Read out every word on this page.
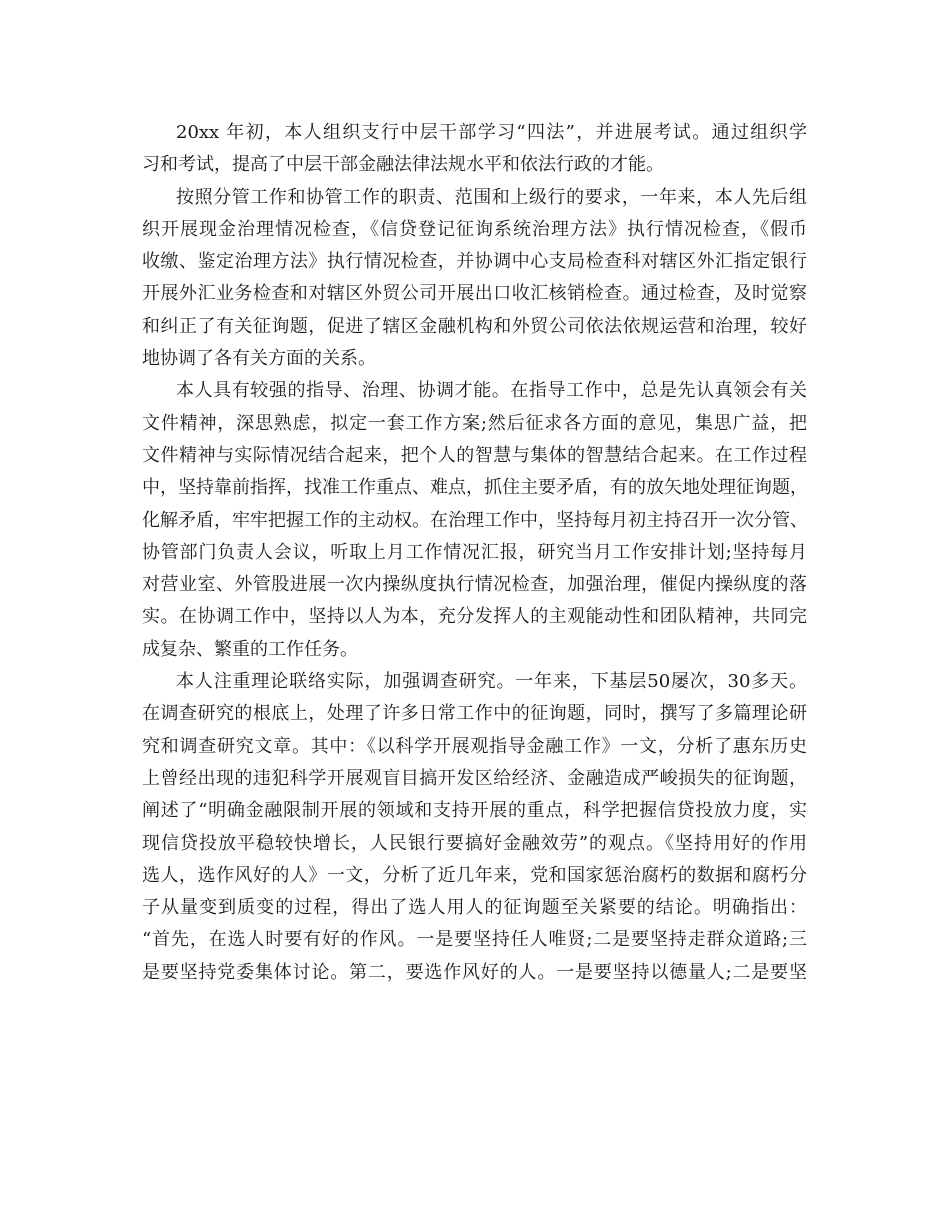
20xx 年初，本人组织支行中层干部学习“四法”，并进展考试。通过组织学
习和考试，提高了中层干部金融法律法规水平和依法行政的才能。
按照分管工作和协管工作的职责、范围和上级行的要求，一年来，本人先后组
织开展现金治理情况检查，《信贷登记征询系统治理方法》执行情况检查，《假币
收缴、鉴定治理方法》执行情况检查，并协调中心支局检查科对辖区外汇指定银行
开展外汇业务检查和对辖区外贸公司开展出口收汇核销检查。通过检查，及时觉察
和纠正了有关征询题，促进了辖区金融机构和外贸公司依法依规运营和治理，较好
地协调了各有关方面的关系。
本人具有较强的指导、治理、协调才能。在指导工作中，总是先认真领会有关
文件精神，深思熟虑，拟定一套工作方案;然后征求各方面的意见，集思广益，把
文件精神与实际情况结合起来，把个人的智慧与集体的智慧结合起来。在工作过程
中，坚持靠前指挥，找准工作重点、难点，抓住主要矛盾，有的放矢地处理征询题，
化解矛盾，牢牢把握工作的主动权。在治理工作中，坚持每月初主持召开一次分管、
协管部门负责人会议，听取上月工作情况汇报，研究当月工作安排计划;坚持每月
对营业室、外管股进展一次内操纵度执行情况检查，加强治理，催促内操纵度的落
实。在协调工作中，坚持以人为本，充分发挥人的主观能动性和团队精神，共同完
成复杂、繁重的工作任务。
本人注重理论联络实际，加强调查研究。一年来，下基层50屡次，30多天。
在调查研究的根底上，处理了许多日常工作中的征询题，同时，撰写了多篇理论研
究和调查研究文章。其中：《以科学开展观指导金融工作》一文，分析了惠东历史
上曾经出现的违犯科学开展观盲目搞开发区给经济、金融造成严峻损失的征询题，
阐述了“明确金融限制开展的领域和支持开展的重点，科学把握信贷投放力度，实
现信贷投放平稳较快增长，人民银行要搞好金融效劳”的观点。《坚持用好的作用
选人，选作风好的人》一文，分析了近几年来，党和国家惩治腐朽的数据和腐朽分
子从量变到质变的过程，得出了选人用人的征询题至关紧要的结论。明确指出：
“首先，在选人时要有好的作风。一是要坚持任人唯贤;二是要坚持走群众道路;三
是要坚持党委集体讨论。第二，要选作风好的人。一是要坚持以德量人;二是要坚
